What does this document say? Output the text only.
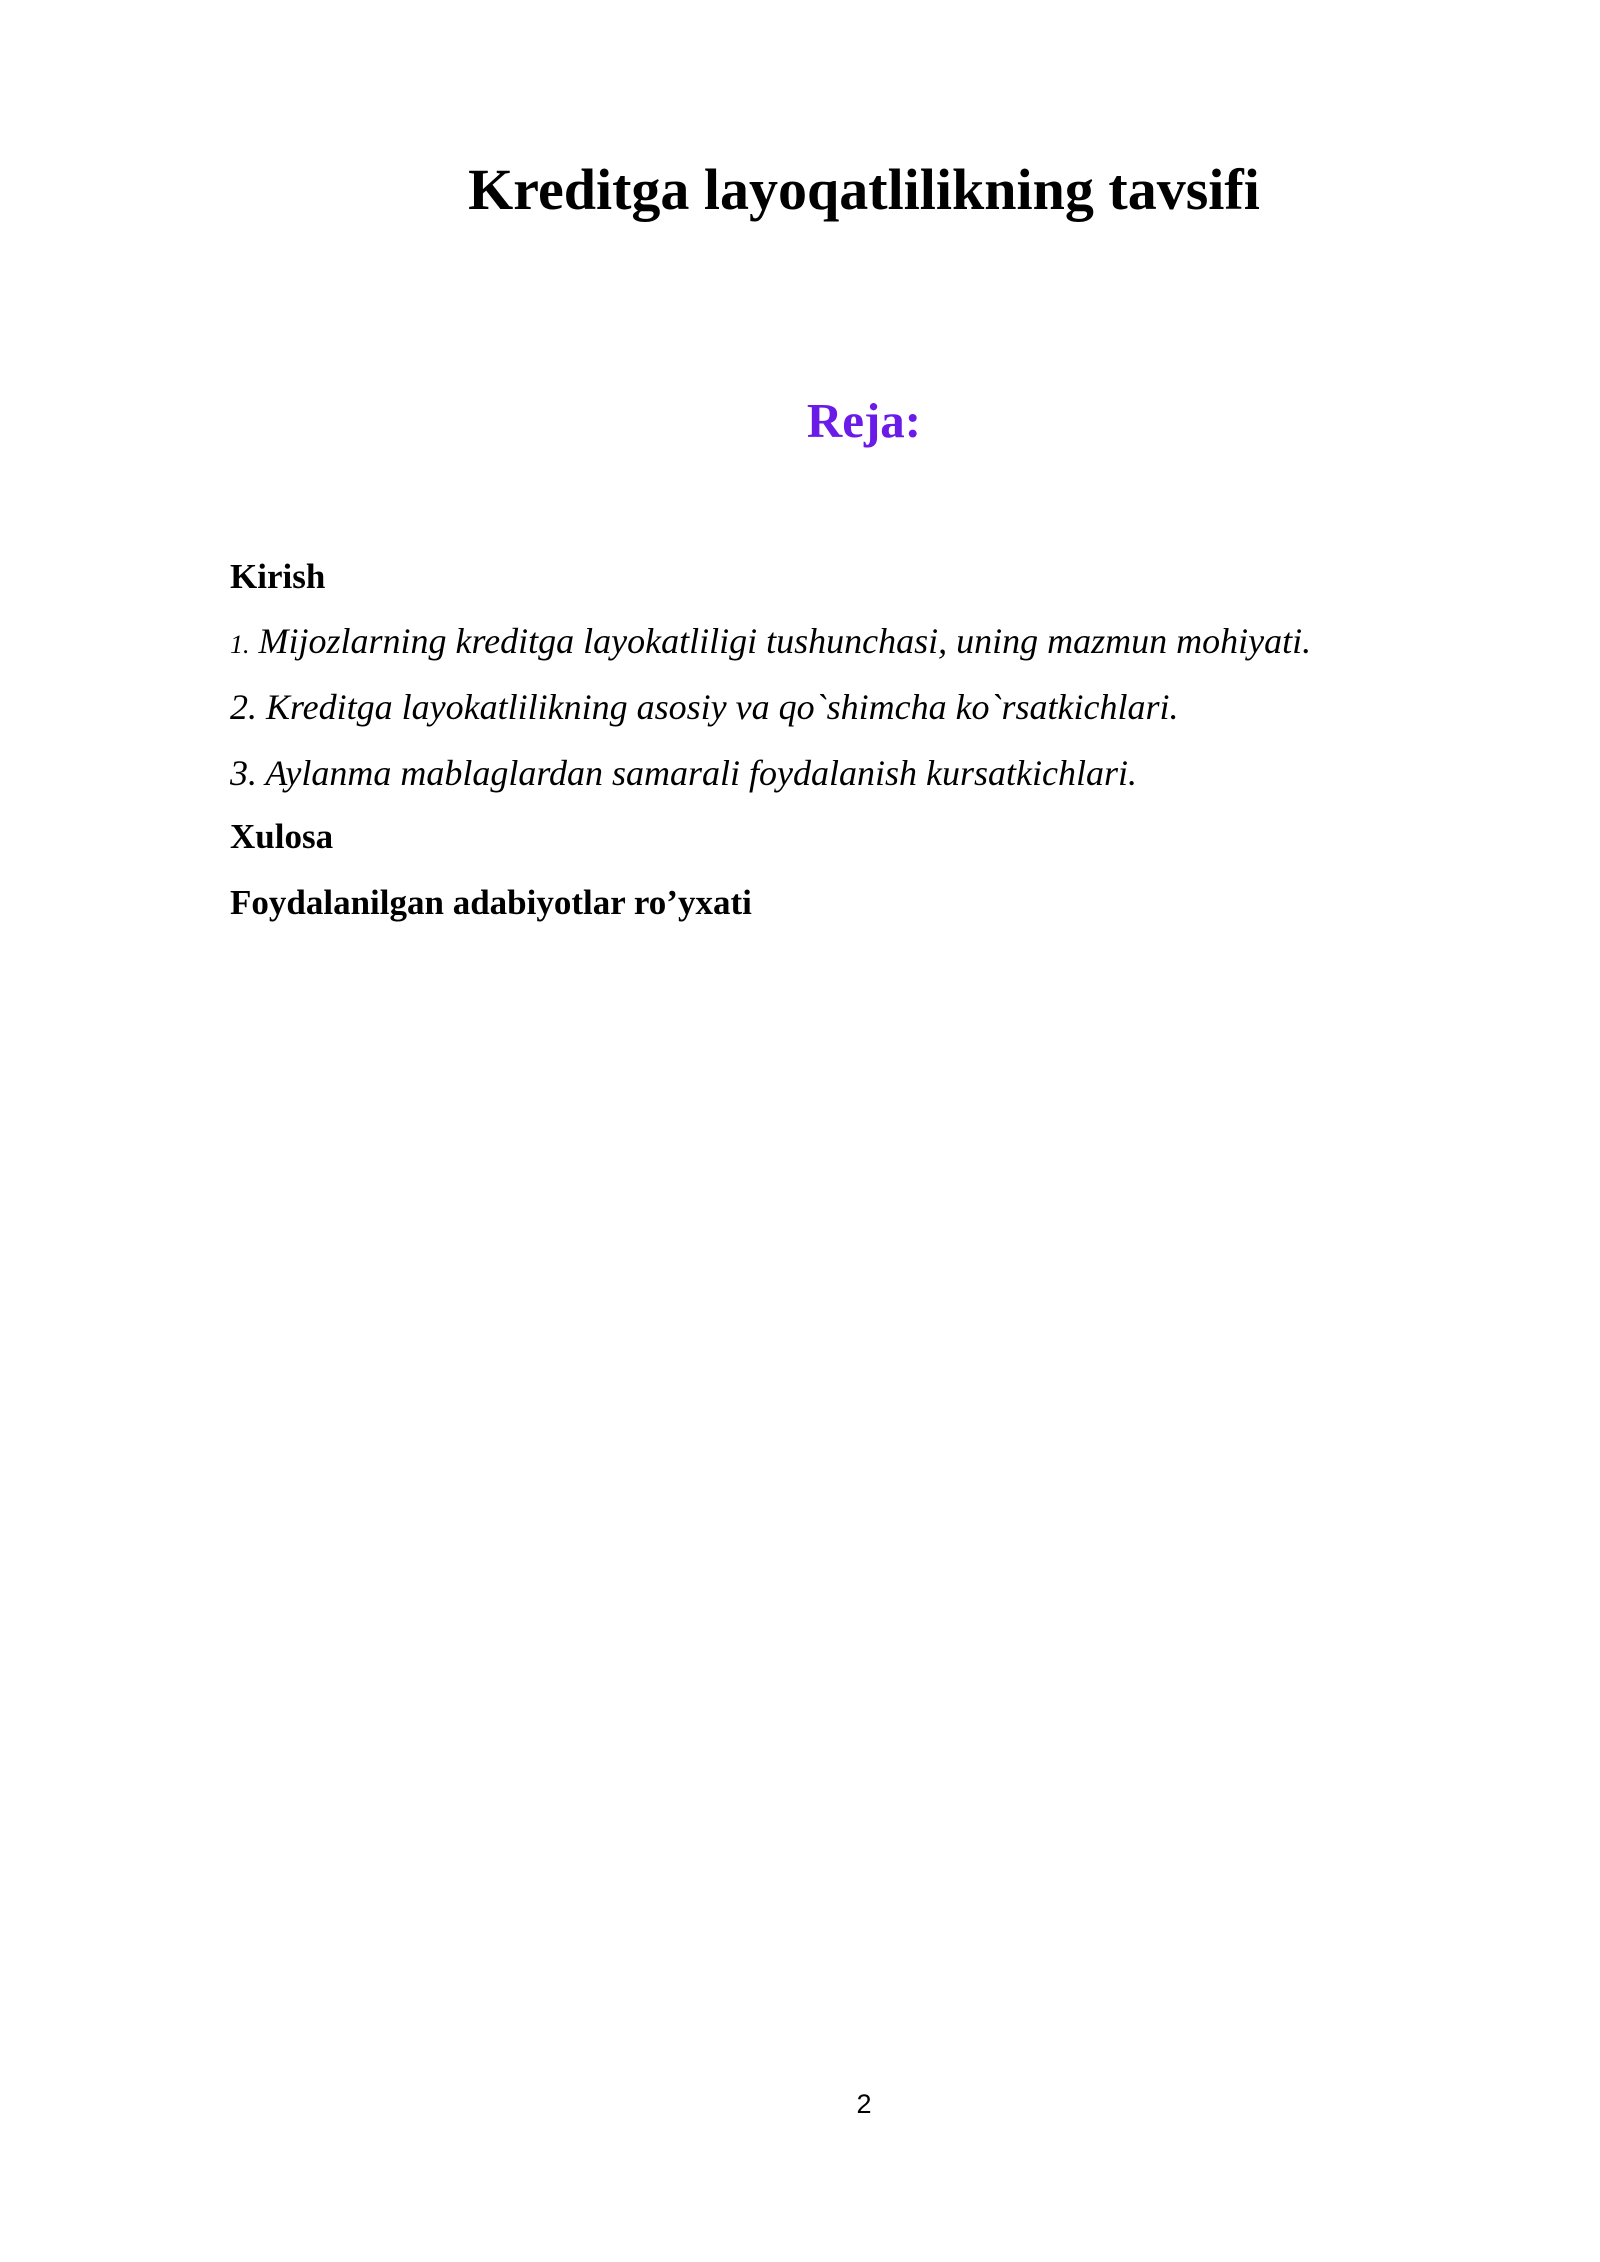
Kreditga layoqatlilikning tavsifi
Reja:
Kirish
1. Mijozlarning kreditga layokatliligi tushunchasi, uning mazmun mohiyati.
2. Kreditga layokatlilikning asosiy va qo`shimcha ko`rsatkichlari.
3. Aylanma mablaglardan samarali foydalanish kursatkichlari.
Xulosa
Foydalanilgan adabiyotlar ro’yxati
2
